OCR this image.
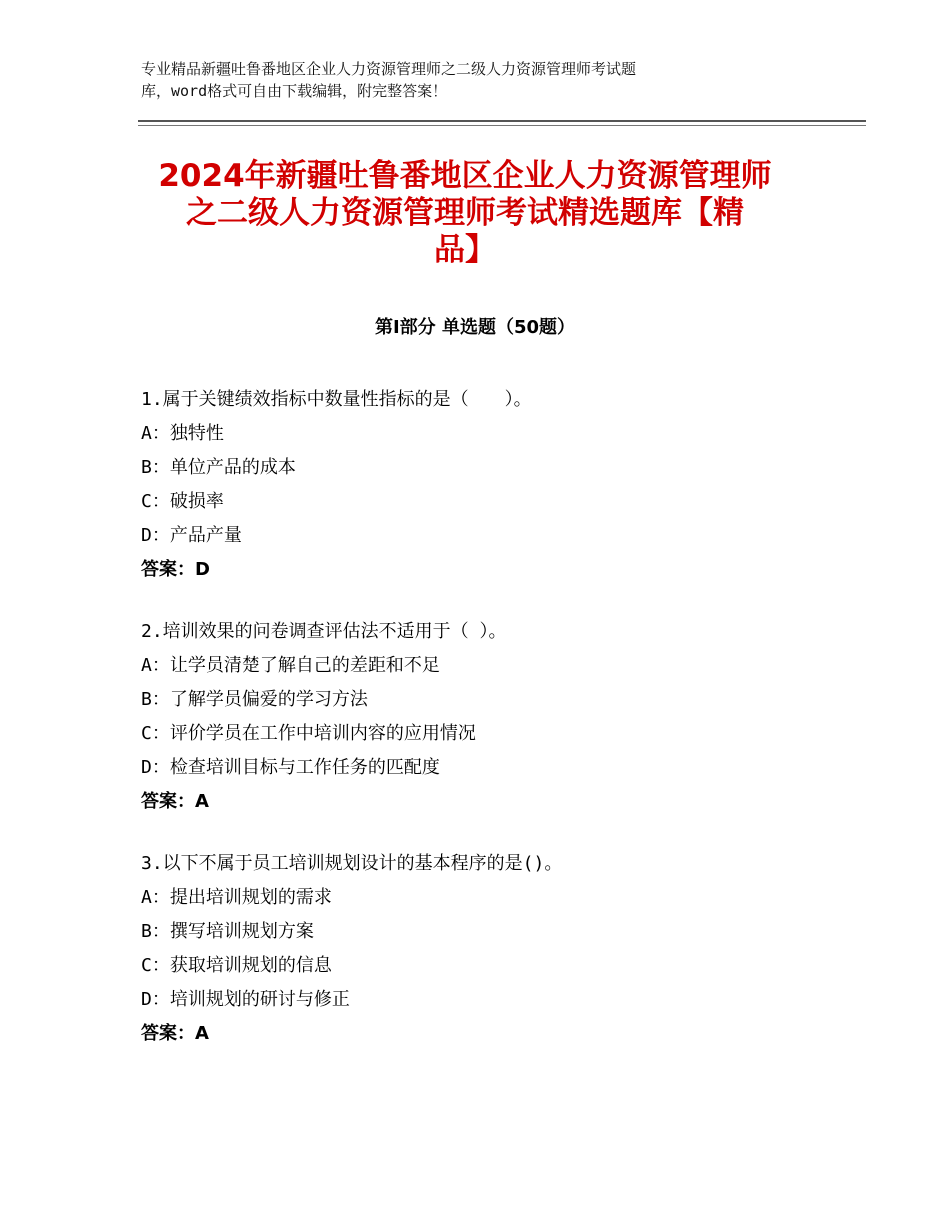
专业精品新疆吐鲁番地区企业人力资源管理师之二级人力资源管理师考试题
库，word格式可自由下载编辑，附完整答案！
2024年新疆吐鲁番地区企业人力资源管理师
之二级人力资源管理师考试精选题库【精
品】
第Ⅰ部分 单选题（50题）
1.属于关键绩效指标中数量性指标的是（　　）。
A：独特性
B：单位产品的成本
C：破损率
D：产品产量
答案：D
2.培训效果的问卷调查评估法不适用于（ ）。
A：让学员清楚了解自己的差距和不足
B：了解学员偏爱的学习方法
C：评价学员在工作中培训内容的应用情况
D：检查培训目标与工作任务的匹配度
答案：A
3.以下不属于员工培训规划设计的基本程序的是()。
A：提出培训规划的需求
B：撰写培训规划方案
C：获取培训规划的信息
D：培训规划的研讨与修正
答案：A
